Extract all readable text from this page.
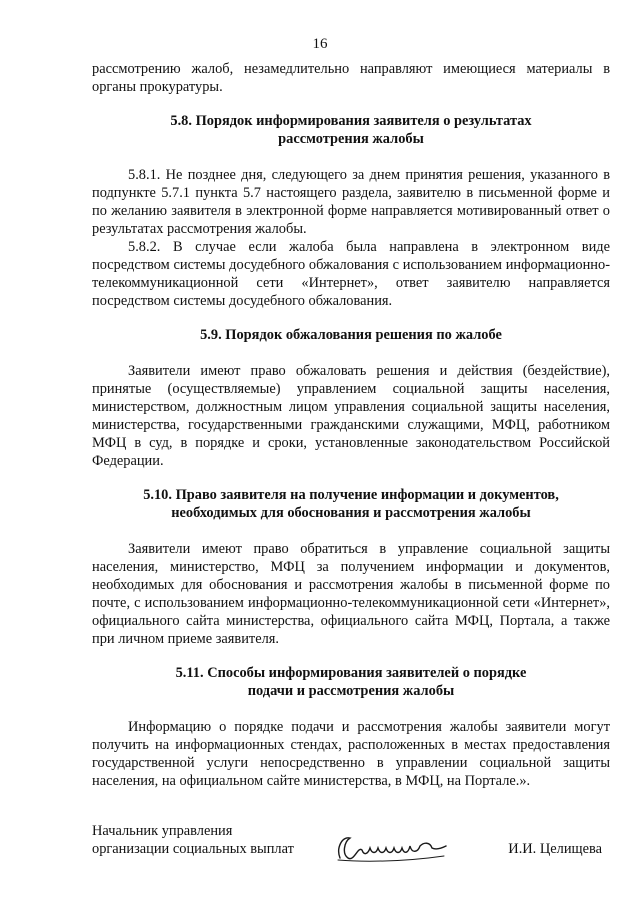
16

рассмотрению жалоб, незамедлительно направляют имеющиеся материалы в органы прокуратуры.

5.8. Порядок информирования заявителя о результатах
рассмотрения жалобы

5.8.1. Не позднее дня, следующего за днем принятия решения, указанного в подпункте 5.7.1 пункта 5.7 настоящего раздела, заявителю в письменной форме и по желанию заявителя в электронной форме направляется мотивированный ответ о результатах рассмотрения жалобы.

5.8.2. В случае если жалоба была направлена в электронном виде посредством системы досудебного обжалования с использованием информационно-телекоммуникационной сети «Интернет», ответ заявителю направляется посредством системы досудебного обжалования.

5.9. Порядок обжалования решения по жалобе

Заявители имеют право обжаловать решения и действия (бездействие), принятые (осуществляемые) управлением социальной защиты населения, министерством, должностным лицом управления социальной защиты населения, министерства, государственными гражданскими служащими, МФЦ, работником МФЦ в суд, в порядке и сроки, установленные законодательством Российской Федерации.

5.10. Право заявителя на получение информации и документов,
необходимых для обоснования и рассмотрения жалобы

Заявители имеют право обратиться в управление социальной защиты населения, министерство, МФЦ за получением информации и документов, необходимых для обоснования и рассмотрения жалобы в письменной форме по почте, с использованием информационно-телекоммуникационной сети «Интернет», официального сайта министерства, официального сайта МФЦ, Портала, а также при личном приеме заявителя.

5.11. Способы информирования заявителей о порядке
подачи и рассмотрения жалобы

Информацию о порядке подачи и рассмотрения жалобы заявители могут получить на информационных стендах, расположенных в местах предоставления государственной услуги непосредственно в управлении социальной защиты населения, на официальном сайте министерства, в МФЦ, на Портале.».

Начальник управления
организации социальных выплат	И.И. Целищева
